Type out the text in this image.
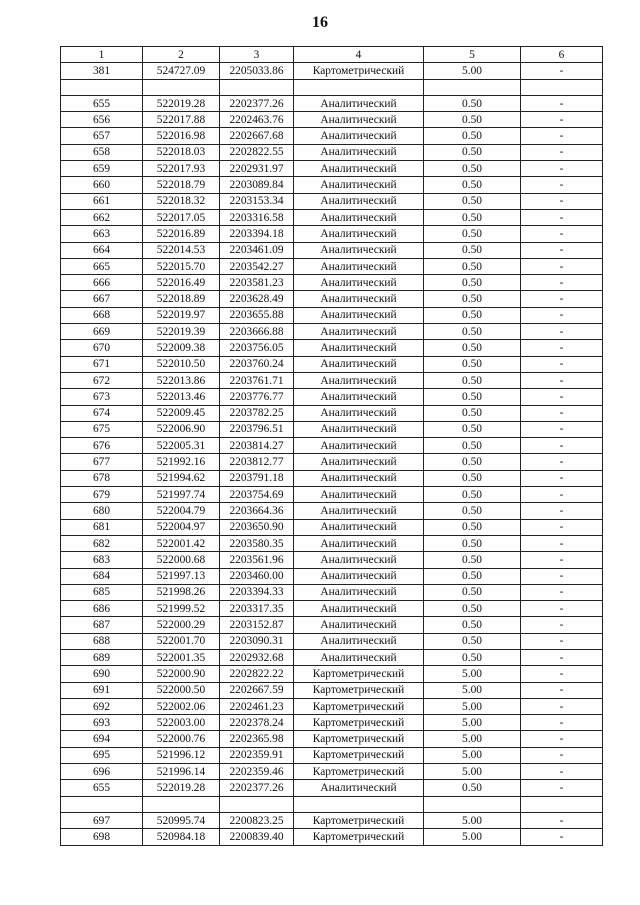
16
1	2	3	4	5	6
381	524727.09	2205033.86	Картометрический	5.00	-

655	522019.28	2202377.26	Аналитический	0.50	-
656	522017.88	2202463.76	Аналитический	0.50	-
657	522016.98	2202667.68	Аналитический	0.50	-
658	522018.03	2202822.55	Аналитический	0.50	-
659	522017.93	2202931.97	Аналитический	0.50	-
660	522018.79	2203089.84	Аналитический	0.50	-
661	522018.32	2203153.34	Аналитический	0.50	-
662	522017.05	2203316.58	Аналитический	0.50	-
663	522016.89	2203394.18	Аналитический	0.50	-
664	522014.53	2203461.09	Аналитический	0.50	-
665	522015.70	2203542.27	Аналитический	0.50	-
666	522016.49	2203581.23	Аналитический	0.50	-
667	522018.89	2203628.49	Аналитический	0.50	-
668	522019.97	2203655.88	Аналитический	0.50	-
669	522019.39	2203666.88	Аналитический	0.50	-
670	522009.38	2203756.05	Аналитический	0.50	-
671	522010.50	2203760.24	Аналитический	0.50	-
672	522013.86	2203761.71	Аналитический	0.50	-
673	522013.46	2203776.77	Аналитический	0.50	-
674	522009.45	2203782.25	Аналитический	0.50	-
675	522006.90	2203796.51	Аналитический	0.50	-
676	522005.31	2203814.27	Аналитический	0.50	-
677	521992.16	2203812.77	Аналитический	0.50	-
678	521994.62	2203791.18	Аналитический	0.50	-
679	521997.74	2203754.69	Аналитический	0.50	-
680	522004.79	2203664.36	Аналитический	0.50	-
681	522004.97	2203650.90	Аналитический	0.50	-
682	522001.42	2203580.35	Аналитический	0.50	-
683	522000.68	2203561.96	Аналитический	0.50	-
684	521997.13	2203460.00	Аналитический	0.50	-
685	521998.26	2203394.33	Аналитический	0.50	-
686	521999.52	2203317.35	Аналитический	0.50	-
687	522000.29	2203152.87	Аналитический	0.50	-
688	522001.70	2203090.31	Аналитический	0.50	-
689	522001.35	2202932.68	Аналитический	0.50	-
690	522000.90	2202822.22	Картометрический	5.00	-
691	522000.50	2202667.59	Картометрический	5.00	-
692	522002.06	2202461.23	Картометрический	5.00	-
693	522003.00	2202378.24	Картометрический	5.00	-
694	522000.76	2202365.98	Картометрический	5.00	-
695	521996.12	2202359.91	Картометрический	5.00	-
696	521996.14	2202359.46	Картометрический	5.00	-
655	522019.28	2202377.26	Аналитический	0.50	-

697	520995.74	2200823.25	Картометрический	5.00	-
698	520984.18	2200839.40	Картометрический	5.00	-
